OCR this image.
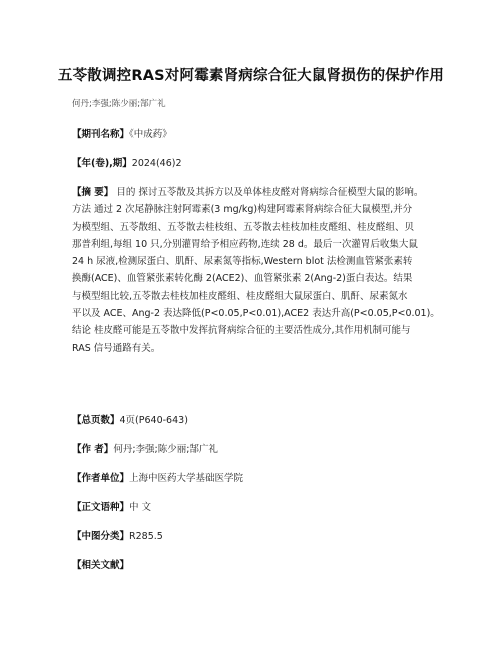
五苓散调控RAS对阿霉素肾病综合征大鼠肾损伤的保护作用
何丹;李强;陈少丽;郜广礼
【期刊名称】《中成药》
【年(卷),期】2024(46)2
【摘 要】 目的 探讨五苓散及其拆方以及单体桂皮醛对肾病综合征模型大鼠的影响。
方法 通过 2 次尾静脉注射阿霉素(3 mg/kg)构建阿霉素肾病综合征大鼠模型,并分
为模型组、五苓散组、五苓散去桂枝组、五苓散去桂枝加桂皮醛组、桂皮醛组、贝
那普利组,每组 10 只,分别灌胃给予相应药物,连续 28 d。最后一次灌胃后收集大鼠
24 h 尿液,检测尿蛋白、肌酐、尿素氮等指标,Western blot 法检测血管紧张素转
换酶(ACE)、血管紧张素转化酶 2(ACE2)、血管紧张素 2(Ang-2)蛋白表达。结果
与模型组比较,五苓散去桂枝加桂皮醛组、桂皮醛组大鼠尿蛋白、肌酐、尿素氮水
平以及 ACE、Ang-2 表达降低(P<0.05,P<0.01),ACE2 表达升高(P<0.05,P<0.01)。
结论 桂皮醛可能是五苓散中发挥抗肾病综合征的主要活性成分,其作用机制可能与
RAS 信号通路有关。
【总页数】4页(P640-643)
【作 者】何丹;李强;陈少丽;郜广礼
【作者单位】上海中医药大学基础医学院
【正文语种】中 文
【中图分类】R285.5
【相关文献】
